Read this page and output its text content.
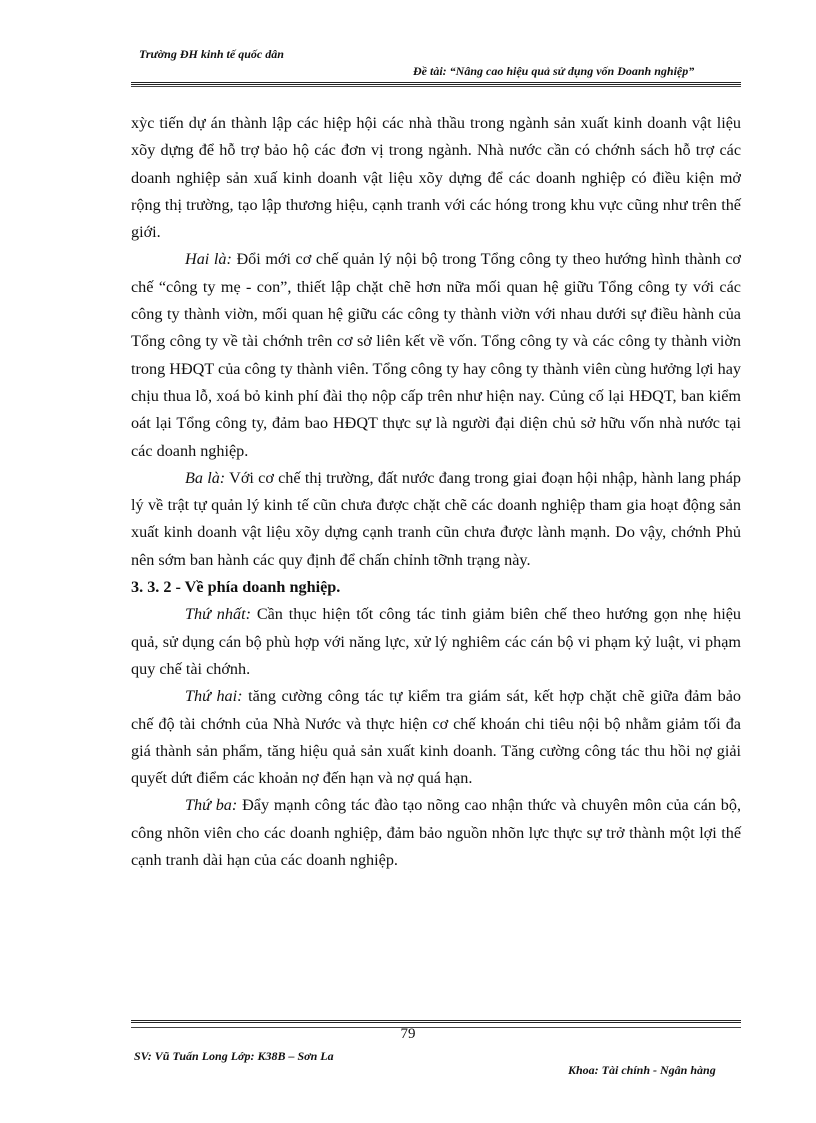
Trường ĐH kinh tế quốc dân
Đề tài: “Nâng cao hiệu quả sử dụng vốn Doanh nghiệp”

xỳc tiến dự án thành lập các hiệp hội các nhà thầu trong ngành sản xuất kinh doanh vật liệu xõy dựng để hỗ trợ bảo hộ các đơn vị trong ngành. Nhà nước cần có chớnh sách hỗ trợ các doanh nghiệp sản xuấ kinh doanh vật liệu xõy dựng để các doanh nghiệp có điều kiện mở rộng thị trường, tạo lập thương hiệu, cạnh tranh với các hóng trong khu vực cũng như trên thế giới.

Hai là: Đổi mới cơ chế quản lý nội bộ trong Tổng công ty theo hướng hình thành cơ chế “công ty mẹ - con”, thiết lập chặt chẽ hơn nữa mối quan hệ giữu Tổng công ty với các công ty thành viờn, mối quan hệ giữu các công ty thành viờn với nhau dưới sự điều hành của Tổng công ty về tài chớnh trên cơ sở liên kết về vốn. Tổng công ty và các công ty thành viờn trong HĐQT của công ty thành viên. Tổng công ty hay công ty thành viên cùng hưởng lợi hay chịu thua lỗ, xoá bỏ kinh phí đài thọ nộp cấp trên như hiện nay. Củng cố lại HĐQT, ban kiểm oát lại Tổng công ty, đảm bao HĐQT thực sự là người đại diện chủ sở hữu vốn nhà nước tại các doanh nghiệp.

Ba là: Với cơ chế thị trường, đất nước đang trong giai đoạn hội nhập, hành lang pháp lý về trật tự quản lý kinh tế cũn chưa được chặt chẽ các doanh nghiệp tham gia hoạt động sản xuất kinh doanh vật liệu xõy dựng cạnh tranh cũn chưa được lành mạnh. Do vậy, chớnh Phủ nên sớm ban hành các quy định để chấn chỉnh tỡnh trạng này.

3. 3. 2 - Về phía doanh nghiệp.

Thứ nhất: Cần thục hiện tốt công tác tinh giảm biên chế theo hướng gọn nhẹ hiệu quả, sử dụng cán bộ phù hợp với năng lực, xử lý nghiêm các cán bộ vi phạm kỷ luật, vi phạm quy chế tài chớnh.

Thứ hai: tăng cường công tác tự kiểm tra giám sát, kết hợp chặt chẽ giữa đảm bảo chế độ tài chớnh của Nhà Nước và thực hiện cơ chế khoán chi tiêu nội bộ nhằm giảm tối đa giá thành sản phẩm, tăng hiệu quả sản xuất kinh doanh. Tăng cường công tác thu hồi nợ giải quyết dứt điểm các khoản nợ đến hạn và nợ quá hạn.

Thứ ba: Đẩy mạnh công tác đào tạo nõng cao nhận thức và chuyên môn của cán bộ, công nhõn viên cho các doanh nghiệp, đảm bảo nguồn nhõn lực thực sự trở thành một lợi thế cạnh tranh dài hạn của các doanh nghiệp.

79
SV: Vũ Tuấn Long Lớp: K38B – Sơn La
Khoa: Tài chính - Ngân hàng
